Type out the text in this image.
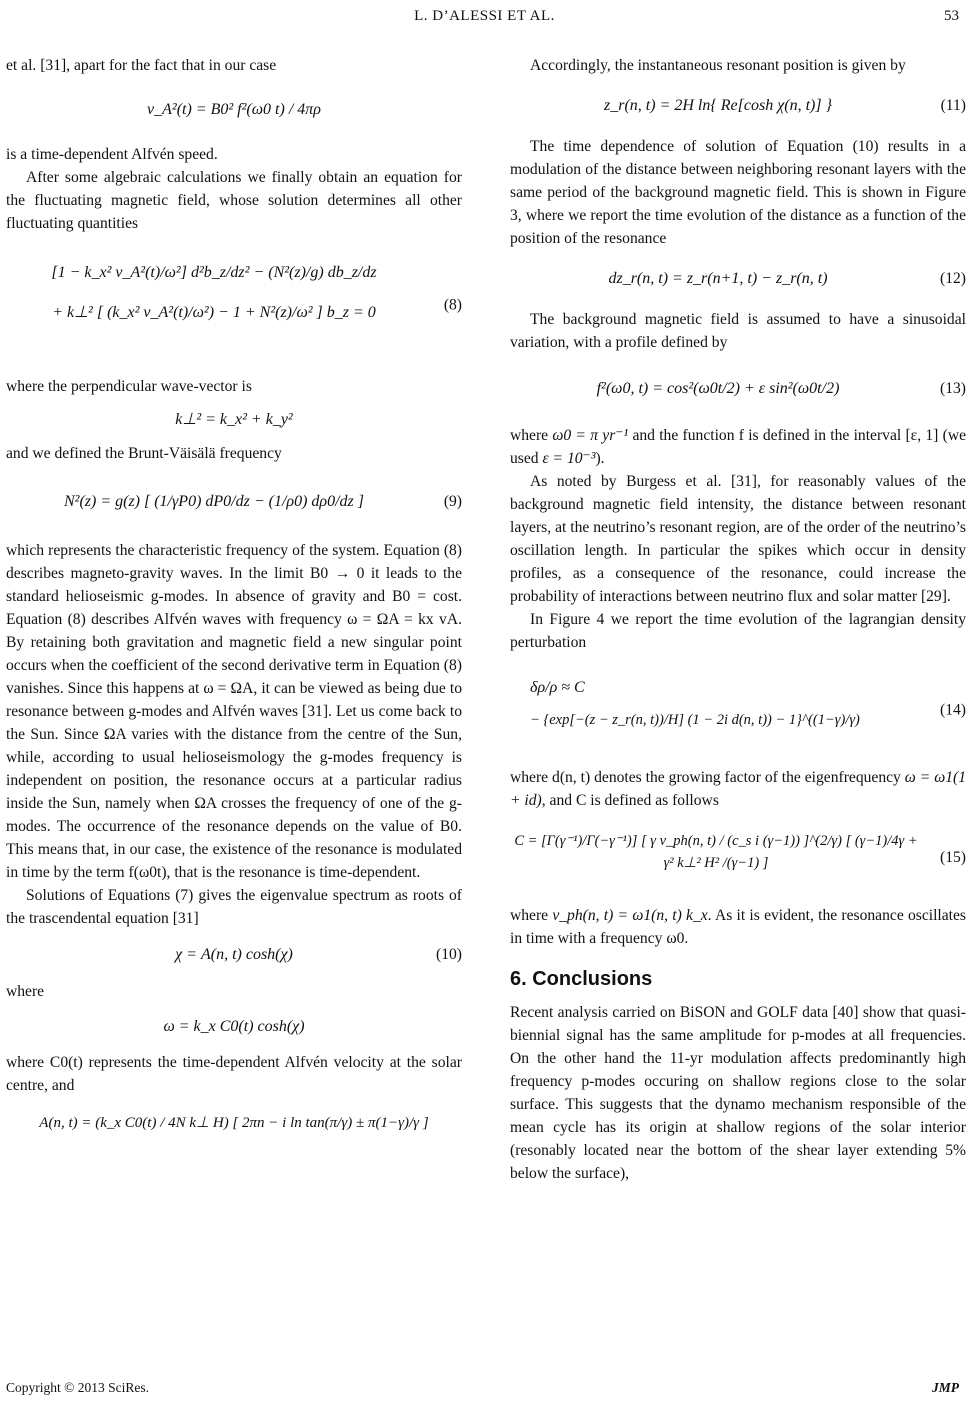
L. D’ALESSI ET AL.	53

et al. [31], apart for the fact that in our case

v_A²(t) = B0² f²(ω0 t) / 4πρ

is a time-dependent Alfvén speed.

After some algebraic calculations we finally obtain an equation for the fluctuating magnetic field, whose solution determines all other fluctuating quantities

[1 − k_x² v_A²(t)/ω²] d²b_z/dz² − (N²(z)/g) db_z/dz
+ k⊥² [ (k_x² v_A²(t)/ω²) − 1 + N²(z)/ω² ] b_z = 0	(8)

where the perpendicular wave-vector is

k⊥² = k_x² + k_y²

and we defined the Brunt-Väisälä frequency

N²(z) = g(z) [ (1/γP0) dP0/dz − (1/ρ0) dρ0/dz ]	(9)

which represents the characteristic frequency of the system. Equation (8) describes magneto-gravity waves. In the limit B0 → 0 it leads to the standard helioseismic g-modes. In absence of gravity and B0 = cost. Equation (8) describes Alfvén waves with frequency ω = ΩA = kx vA. By retaining both gravitation and magnetic field a new singular point occurs when the coefficient of the second derivative term in Equation (8) vanishes. Since this happens at ω = ΩA, it can be viewed as being due to resonance between g-modes and Alfvén waves [31]. Let us come back to the Sun. Since ΩA varies with the distance from the centre of the Sun, while, according to usual helioseismology the g-modes frequency is independent on position, the resonance occurs at a particular radius inside the Sun, namely when ΩA crosses the frequency of one of the g-modes. The occurrence of the resonance depends on the value of B0. This means that, in our case, the existence of the resonance is modulated in time by the term f(ω0t), that is the resonance is time-dependent.

Solutions of Equations (7) gives the eigenvalue spectrum as roots of the trascendental equation [31]

χ = A(n, t) cosh(χ)	(10)

where

ω = k_x C0(t) cosh(χ)

where C0(t) represents the time-dependent Alfvén velocity at the solar centre, and

A(n, t) = (k_x C0(t) / 4N k⊥ H) [ 2πn − i ln tan(π/γ) ± π(1−γ)/γ ]

Accordingly, the instantaneous resonant position is given by

z_r(n, t) = 2H ln{ Re[cosh χ(n, t)] }	(11)

The time dependence of solution of Equation (10) results in a modulation of the distance between neighboring resonant layers with the same period of the background magnetic field. This is shown in Figure 3, where we report the time evolution of the distance as a function of the position of the resonance

dz_r(n, t) = z_r(n+1, t) − z_r(n, t)	(12)

The background magnetic field is assumed to have a sinusoidal variation, with a profile defined by

f²(ω0, t) = cos²(ω0t/2) + ε sin²(ω0t/2)	(13)

where ω0 = π yr⁻¹ and the function f is defined in the interval [ε, 1] (we used ε = 10⁻³).

As noted by Burgess et al. [31], for reasonably values of the background magnetic field intensity, the distance between resonant layers, at the neutrino’s resonant region, are of the order of the neutrino’s oscillation length. In particular the spikes which occur in density profiles, as a consequence of the resonance, could increase the probability of interactions between neutrino flux and solar matter [29].

In Figure 4 we report the time evolution of the lagrangian density perturbation

δρ/ρ ≈ C
− {exp[−(z − z_r(n, t))/H] (1 − 2i d(n, t)) − 1}^((1−γ)/γ)
(14)

where d(n, t) denotes the growing factor of the eigenfrequency ω = ω1(1 + id), and C is defined as follows

C = [Γ(γ⁻¹)/Γ(−γ⁻¹)] [ γ v_ph(n, t) / (c_s i (γ−1)) ]^(2/γ) [ (γ−1)/4γ + γ² k⊥² H² /(γ−1) ]	(15)

where v_ph(n, t) = ω1(n, t) k_x. As it is evident, the resonance oscillates in time with a frequency ω0.

6. Conclusions

Recent analysis carried on BiSON and GOLF data [40] show that quasi-biennial signal has the same amplitude for p-modes at all frequencies. On the other hand the 11-yr modulation affects predominantly high frequency p-modes occuring on shallow regions close to the solar surface. This suggests that the dynamo mechanism responsible of the mean cycle has its origin at shallow regions of the solar interior (resonably located near the bottom of the shear layer extending 5% below the surface),

Copyright © 2013 SciRes.	JMP
